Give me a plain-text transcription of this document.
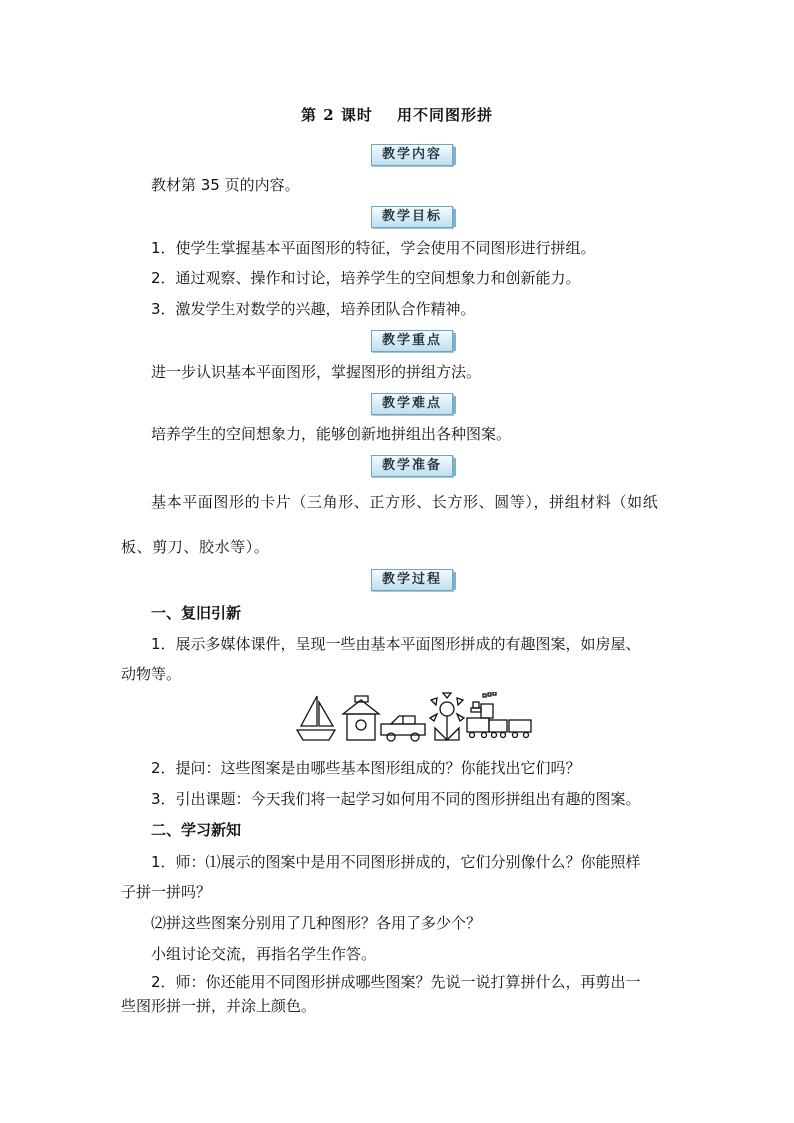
第 2 课时 用不同图形拼
教学内容
教材第 35 页的内容。
教学目标
1．使学生掌握基本平面图形的特征，学会使用不同图形进行拼组。
2．通过观察、操作和讨论，培养学生的空间想象力和创新能力。
3．激发学生对数学的兴趣，培养团队合作精神。
教学重点
进一步认识基本平面图形，掌握图形的拼组方法。
教学难点
培养学生的空间想象力，能够创新地拼组出各种图案。
教学准备
基本平面图形的卡片（三角形、正方形、长方形、圆等），拼组材料（如纸
板、剪刀、胶水等）。
教学过程
一、复旧引新
1．展示多媒体课件，呈现一些由基本平面图形拼成的有趣图案，如房屋、
动物等。
2．提问：这些图案是由哪些基本图形组成的？你能找出它们吗？
3．引出课题：今天我们将一起学习如何用不同的图形拼组出有趣的图案。
二、学习新知
1．师：⑴展示的图案中是用不同图形拼成的，它们分别像什么？你能照样
子拼一拼吗？
⑵拼这些图案分别用了几种图形？各用了多少个？
小组讨论交流，再指名学生作答。
2．师：你还能用不同图形拼成哪些图案？先说一说打算拼什么，再剪出一
些图形拼一拼，并涂上颜色。
